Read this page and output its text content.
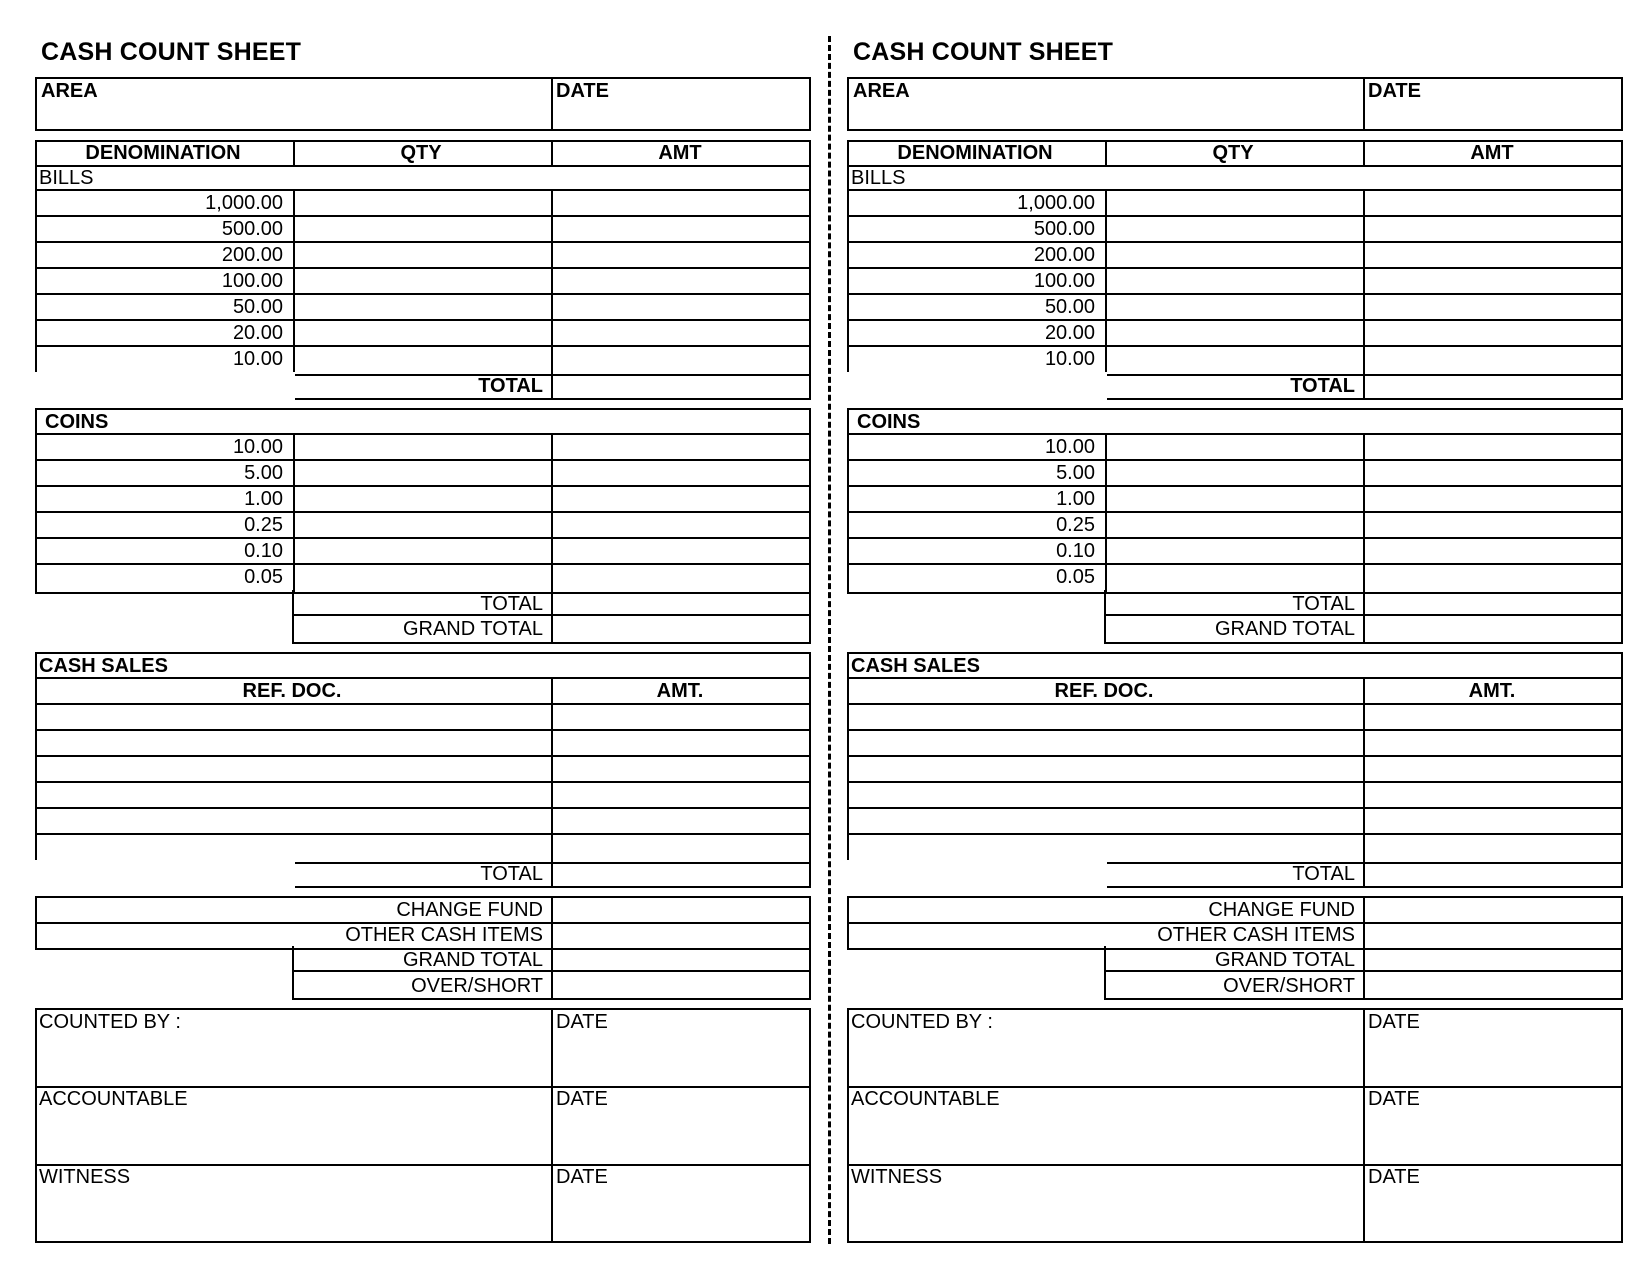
CASH COUNT SHEET
AREA	DATE
DENOMINATION	QTY	AMT
BILLS
1,000.00
500.00
200.00
100.00
50.00
20.00
10.00
TOTAL
COINS
10.00
5.00
1.00
0.25
0.10
0.05
TOTAL
GRAND TOTAL
CASH SALES
REF. DOC.	AMT.
TOTAL
CHANGE FUND
OTHER CASH ITEMS
GRAND TOTAL
OVER/SHORT
COUNTED BY :	DATE
ACCOUNTABLE	DATE
WITNESS	DATE
CASH COUNT SHEET
AREA	DATE
DENOMINATION	QTY	AMT
BILLS
1,000.00
500.00
200.00
100.00
50.00
20.00
10.00
TOTAL
COINS
10.00
5.00
1.00
0.25
0.10
0.05
TOTAL
GRAND TOTAL
CASH SALES
REF. DOC.	AMT.
TOTAL
CHANGE FUND
OTHER CASH ITEMS
GRAND TOTAL
OVER/SHORT
COUNTED BY :	DATE
ACCOUNTABLE	DATE
WITNESS	DATE
